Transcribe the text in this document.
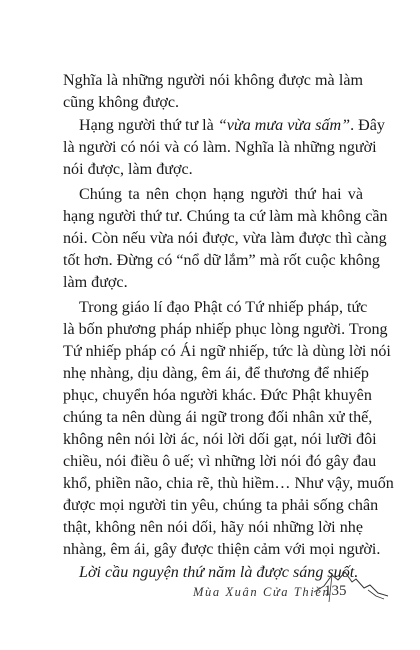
Nghĩa là những người nói không được mà làm
cũng không được.
Hạng người thứ tư là “vừa mưa vừa sấm”. Đây
là người có nói và có làm. Nghĩa là những người
nói được, làm được.
Chúng ta nên chọn hạng người thứ hai và
hạng người thứ tư. Chúng ta cứ làm mà không cần
nói. Còn nếu vừa nói được, vừa làm được thì càng
tốt hơn. Đừng có “nổ dữ lắm” mà rốt cuộc không
làm được.
Trong giáo lí đạo Phật có Tứ nhiếp pháp, tức
là bốn phương pháp nhiếp phục lòng người. Trong
Tứ nhiếp pháp có Ái ngữ nhiếp, tức là dùng lời nói
nhẹ nhàng, dịu dàng, êm ái, để thương để nhiếp
phục, chuyển hóa người khác. Đức Phật khuyên
chúng ta nên dùng ái ngữ trong đối nhân xử thế,
không nên nói lời ác, nói lời dối gạt, nói lưỡi đôi
chiều, nói điều ô uế; vì những lời nói đó gây đau
khổ, phiền não, chia rẽ, thù hiềm… Như vậy, muốn
được mọi người tin yêu, chúng ta phải sống chân
thật, không nên nói dối, hãy nói những lời nhẹ
nhàng, êm ái, gây được thiện cảm với mọi người.
Lời cầu nguyện thứ năm là được sáng suốt.
Mùa Xuân Cửa Thiền
135
